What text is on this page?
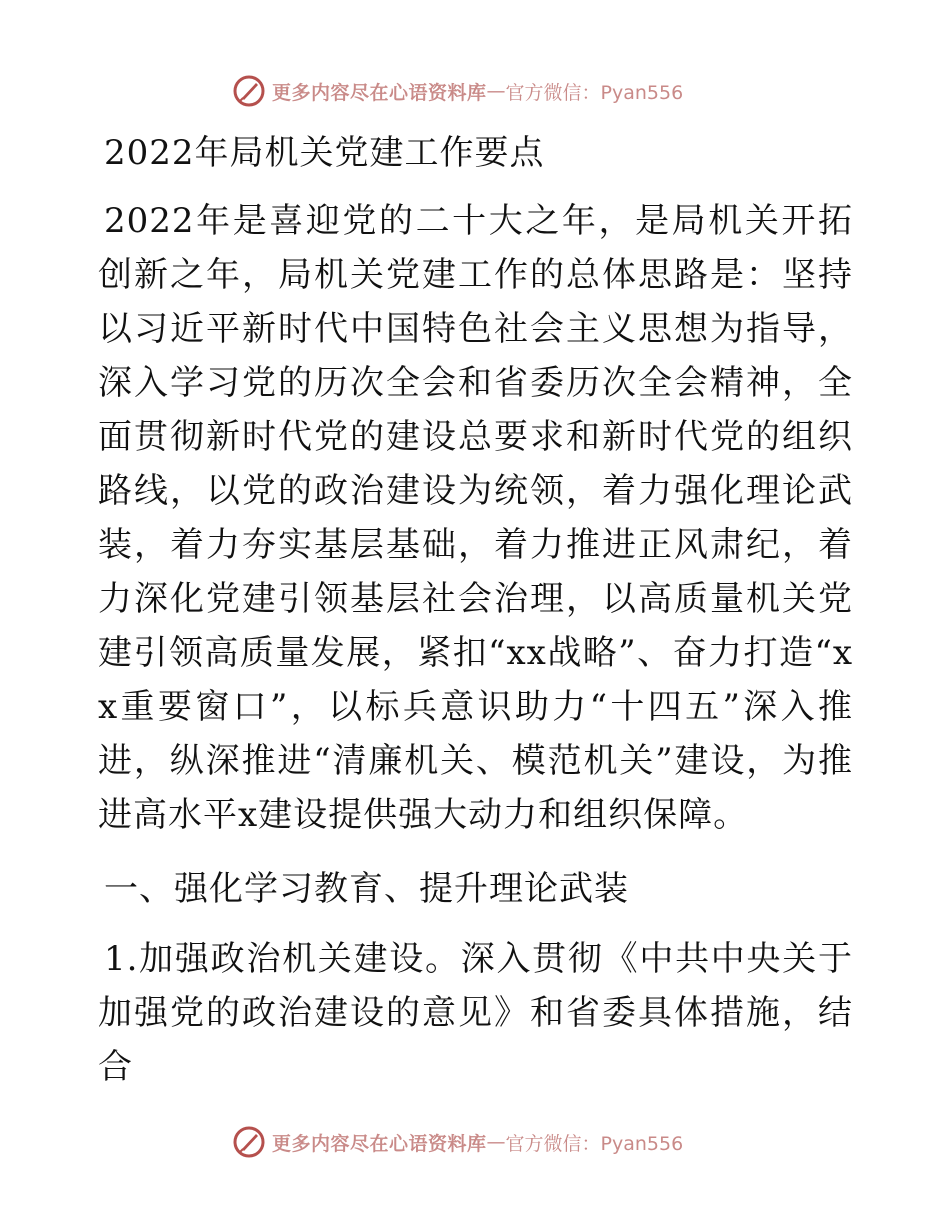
更多内容尽在心语资料库 — 官方微信：Pyan556
2022年局机关党建工作要点

2022年是喜迎党的二十大之年，是局机关开拓创新之年，局机关党建工作的总体思路是：坚持以习近平新时代中国特色社会主义思想为指导，深入学习党的历次全会和省委历次全会精神，全面贯彻新时代党的建设总要求和新时代党的组织路线，以党的政治建设为统领，着力强化理论武装，着力夯实基层基础，着力推进正风肃纪，着力深化党建引领基层社会治理，以高质量机关党建引领高质量发展，紧扣“xx战略”、奋力打造“xx重要窗口”，以标兵意识助力“十四五”深入推进，纵深推进“清廉机关、模范机关”建设，为推进高水平x建设提供强大动力和组织保障。

一、强化学习教育、提升理论武装

1.加强政治机关建设。深入贯彻《中共中央关于加强党的政治建设的意见》和省委具体措施，结合

更多内容尽在心语资料库 — 官方微信：Pyan556
